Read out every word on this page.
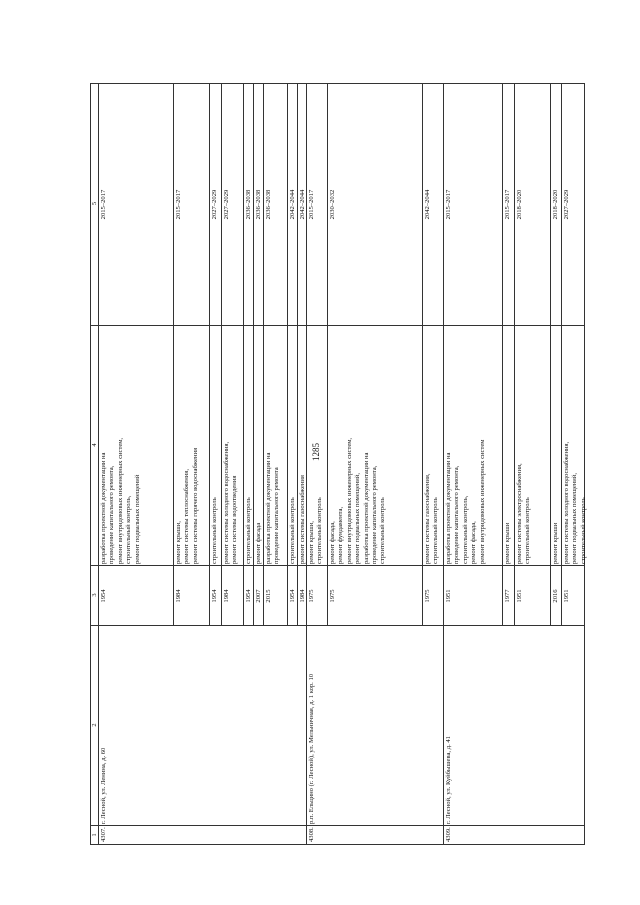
1285
1
2
3
4
5
4307.
г. Лесной, ул. Ленина, д. 60
1954
разработка проектной документации на проведение капитального ремонта, ремонт внутридомовых инженерных систем, строительный контроль, ремонт подвальных помещений
2015–2017
1984
ремонт крыши, ремонт системы теплоснабжения, ремонт системы горячего водоснабжения
2015–2017
1954
строительный контроль
2027–2029
1984
ремонт системы холодного водоснабжения, ремонт системы водоотведения
2027–2029
1954
строительный контроль
2036–2038
2007
ремонт фасада
2036–2038
2015
разработка проектной документации на проведение капитального ремонта
2036–2038
1954
строительный контроль
2042–2044
1984
ремонт системы газоснабжения
2042–2044
4308.
р.п. Ельцино (г. Лесной), ул. Мельничная, д. 1 кор. 10
1975
ремонт крыши, строительный контроль
2015–2017
1975
ремонт фасада, ремонт фундамента, ремонт внутридомовых инженерных систем, ремонт подвальных помещений, разработка проектной документации на проведение капитального ремонта, строительный контроль
2030–2032
1975
ремонт системы газоснабжения, строительный контроль
2042–2044
4309.
г. Лесной, ул. Куйбышева, д. 41
1951
разработка проектной документации на проведение капитального ремонта, строительный контроль, ремонт фасада, ремонт внутридомовых инженерных систем
2015–2017
1977
ремонт крыши
2015–2017
1951
ремонт системы электроснабжения, строительный контроль
2018–2020
2016
ремонт крыши
2018–2020
1951
ремонт системы холодного водоснабжения, ремонт подвальных помещений, строительный контроль
2027–2029
